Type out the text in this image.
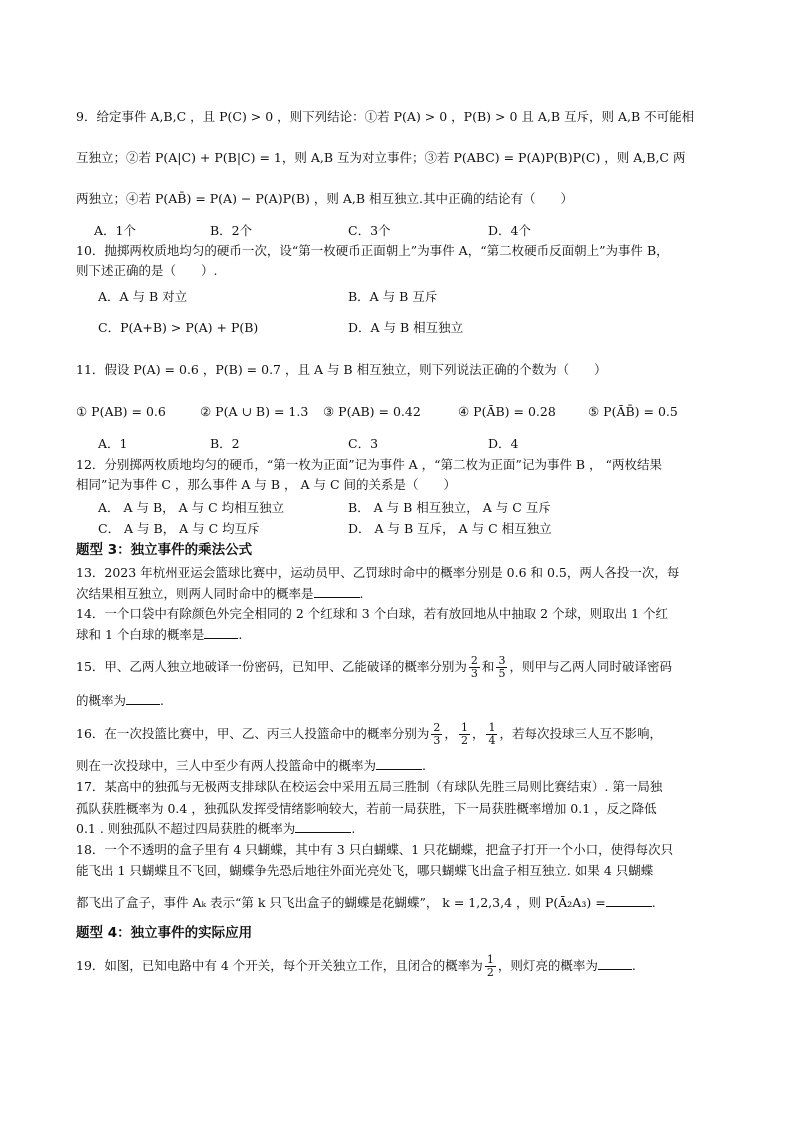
9．给定事件 A,B,C ，且 P(C) > 0 ，则下列结论：①若 P(A) > 0 ，P(B) > 0 且 A,B 互斥，则 A,B 不可能相
互独立；②若 P(A|C) + P(B|C) = 1，则 A,B 互为对立事件；③若 P(ABC) = P(A)P(B)P(C) ，则 A,B,C 两
两独立；④若 P(AB̄) = P(A) − P(A)P(B) ，则 A,B 相互独立.其中正确的结论有（　　）
A．1个	B．2个	C．3个	D．4个
10．抛掷两枚质地均匀的硬币一次，设“第一枚硬币正面朝上”为事件 A，“第二枚硬币反面朝上”为事件 B，
则下述正确的是（　　）.
A．A 与 B 对立	B．A 与 B 互斥
C．P(A+B) > P(A) + P(B)	D．A 与 B 相互独立
11．假设 P(A) = 0.6 ，P(B) = 0.7 ，且 A 与 B 相互独立，则下列说法正确的个数为（　　）
① P(AB) = 0.6	② P(A ∪ B) = 1.3 ③ P(AB) = 0.42	④ P(ĀB) = 0.28	⑤ P(ĀB̄) = 0.5
A．1	B．2	C．3	D．4
12．分别掷两枚质地均匀的硬币，“第一枚为正面”记为事件 A ，“第二枚为正面”记为事件 B ， “两枚结果
相同”记为事件 C ，那么事件 A 与 B ， A 与 C 间的关系是（　　）
A． A 与 B， A 与 C 均相互独立	B． A 与 B 相互独立， A 与 C 互斥
C． A 与 B， A 与 C 均互斥	D． A 与 B 互斥， A 与 C 相互独立
题型 3：独立事件的乘法公式
13．2023 年杭州亚运会篮球比赛中，运动员甲、乙罚球时命中的概率分别是 0.6 和 0.5，两人各投一次，每
次结果相互独立，则两人同时命中的概率是	.
14．一个口袋中有除颜色外完全相同的 2 个红球和 3 个白球，若有放回地从中抽取 2 个球，则取出 1 个红
球和 1 个白球的概率是	.
15．甲、乙两人独立地破译一份密码，已知甲、乙能破译的概率分别为 $\frac{2}{3}$ 和 $\frac{3}{5}$ ，则甲与乙两人同时破译密码
的概率为	.
16．在一次投篮比赛中，甲、乙、丙三人投篮命中的概率分别为 $\frac{2}{3}$ ， $\frac{1}{2}$ ， $\frac{1}{4}$ ，若每次投球三人互不影响，
则在一次投球中，三人中至少有两人投篮命中的概率为	.
17．某高中的独孤与无极两支排球队在校运会中采用五局三胜制（有球队先胜三局则比赛结束）. 第一局独
孤队获胜概率为 0.4 ，独孤队发挥受情绪影响较大，若前一局获胜，下一局获胜概率增加 0.1 ，反之降低
0.1 . 则独孤队不超过四局获胜的概率为	.
18．一个不透明的盒子里有 4 只蝴蝶，其中有 3 只白蝴蝶、1 只花蝴蝶，把盒子打开一个小口，使得每次只
能飞出 1 只蝴蝶且不飞回，蝴蝶争先恐后地往外面光亮处飞，哪只蝴蝶飞出盒子相互独立. 如果 4 只蝴蝶
都飞出了盒子，事件 Aₖ 表示“第 k 只飞出盒子的蝴蝶是花蝴蝶”， k = 1,2,3,4 ，则 P(Ā₂A₃) =	.
题型 4：独立事件的实际应用
19．如图，已知电路中有 4 个开关，每个开关独立工作，且闭合的概率为 $\frac{1}{2}$ ，则灯亮的概率为	.
